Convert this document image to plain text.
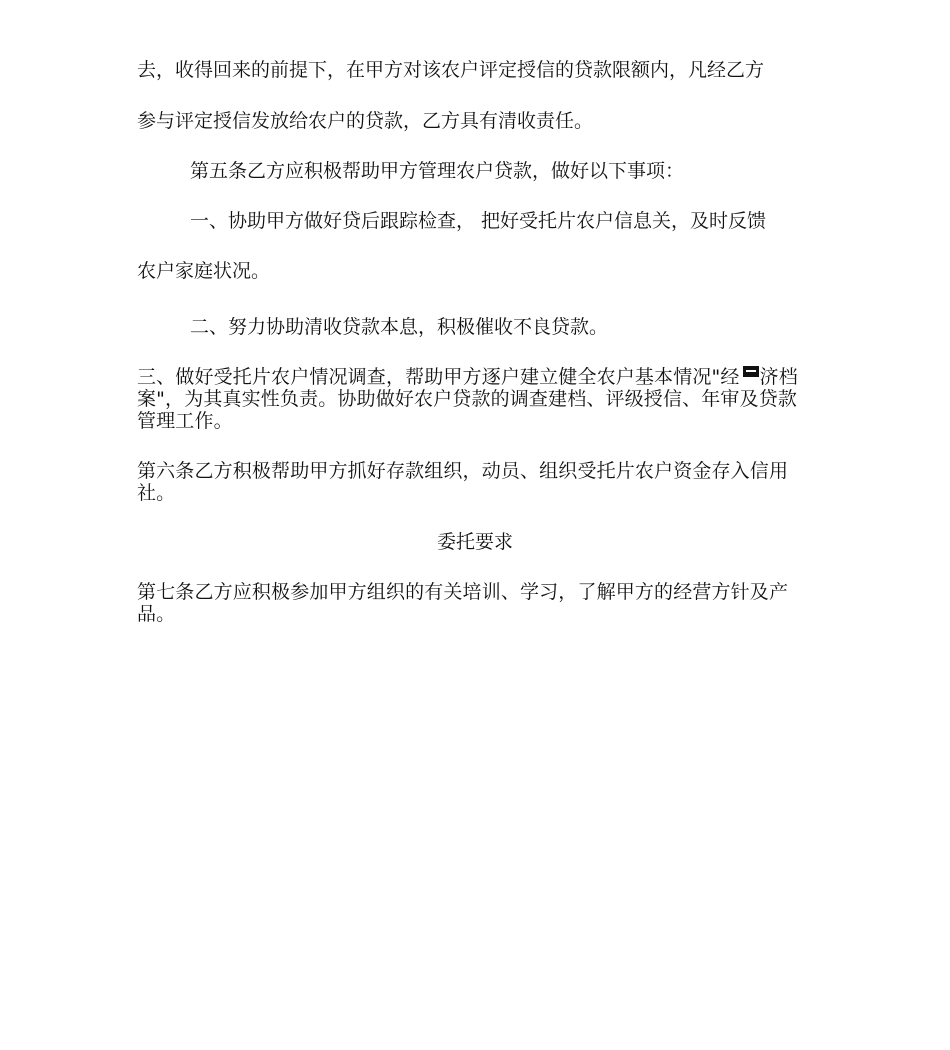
去，收得回来的前提下，在甲方对该农户评定授信的贷款限额内，凡经乙方
参与评定授信发放给农户的贷款，乙方具有清收责任。
第五条乙方应积极帮助甲方管理农户贷款，做好以下事项：
一、协助甲方做好贷后跟踪检查， 把好受托片农户信息关，及时反馈
农户家庭状况。
二、努力协助清收贷款本息，积极催收不良贷款。
三、做好受托片农户情况调查，帮助甲方逐户建立健全农户基本情况"经 济档案"，为其真实性负责。协助做好农户贷款的调查建档、评级授信、年审及贷款管理工作。
第六条乙方积极帮助甲方抓好存款组织，动员、组织受托片农户资金存入信用社。
委托要求
第七条乙方应积极参加甲方组织的有关培训、学习，了解甲方的经营方针及产品。
